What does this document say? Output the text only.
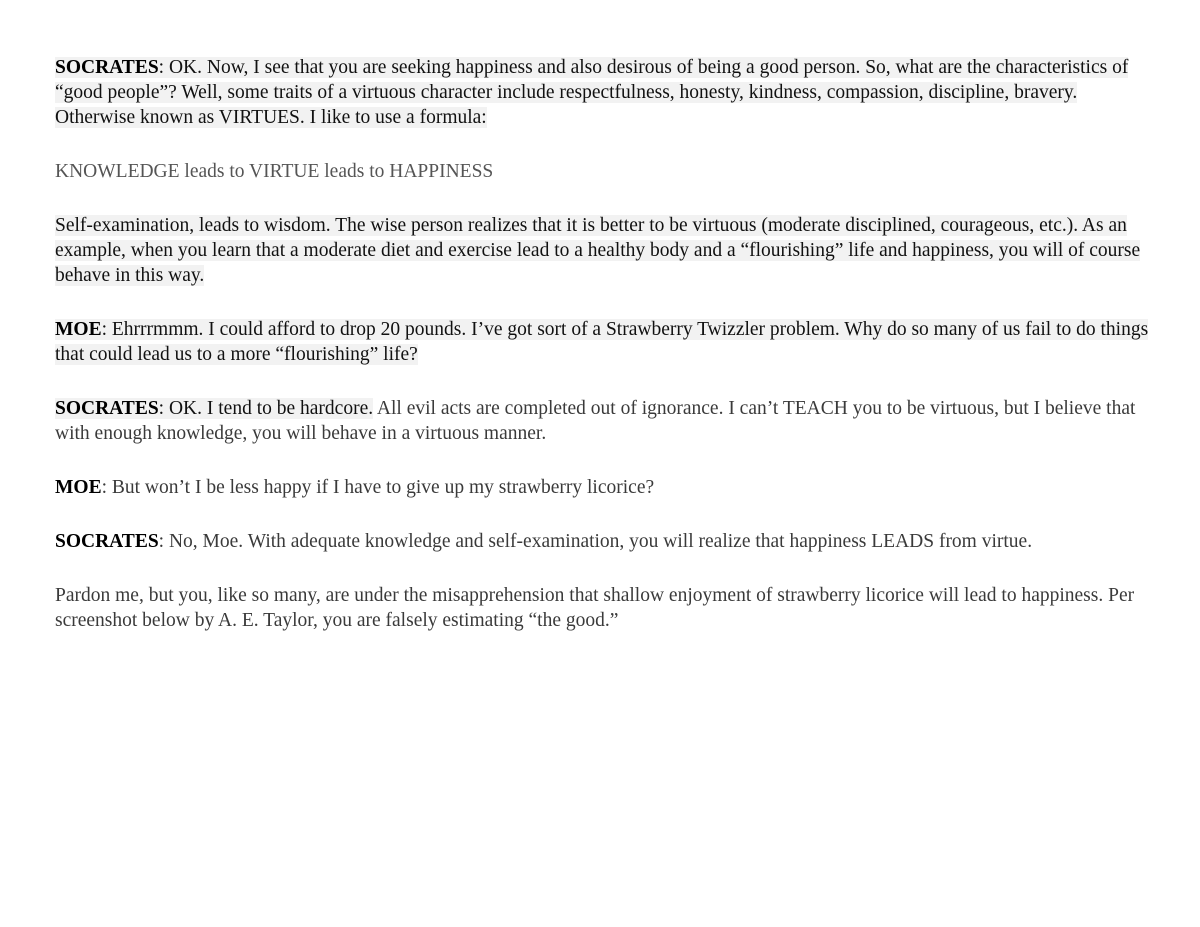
SOCRATES: OK. Now, I see that you are seeking happiness and also desirous of being a good person. So, what are the characteristics of “good people”? Well, some traits of a virtuous character include respectfulness, honesty, kindness, compassion, discipline, bravery. Otherwise known as VIRTUES. I like to use a formula:

KNOWLEDGE leads to VIRTUE leads to HAPPINESS

Self-examination, leads to wisdom. The wise person realizes that it is better to be virtuous (moderate disciplined, courageous, etc.). As an example, when you learn that a moderate diet and exercise lead to a healthy body and a “flourishing” life and happiness, you will of course behave in this way.

MOE: Ehrrrmmm. I could afford to drop 20 pounds. I’ve got sort of a Strawberry Twizzler problem. Why do so many of us fail to do things that could lead us to a more “flourishing” life?

SOCRATES: OK. I tend to be hardcore. All evil acts are completed out of ignorance. I can’t TEACH you to be virtuous, but I believe that with enough knowledge, you will behave in a virtuous manner.

MOE: But won’t I be less happy if I have to give up my strawberry licorice?

SOCRATES: No, Moe. With adequate knowledge and self-examination, you will realize that happiness LEADS from virtue.

Pardon me, but you, like so many, are under the misapprehension that shallow enjoyment of strawberry licorice will lead to happiness. Per screenshot below by A. E. Taylor, you are falsely estimating “the good.”
